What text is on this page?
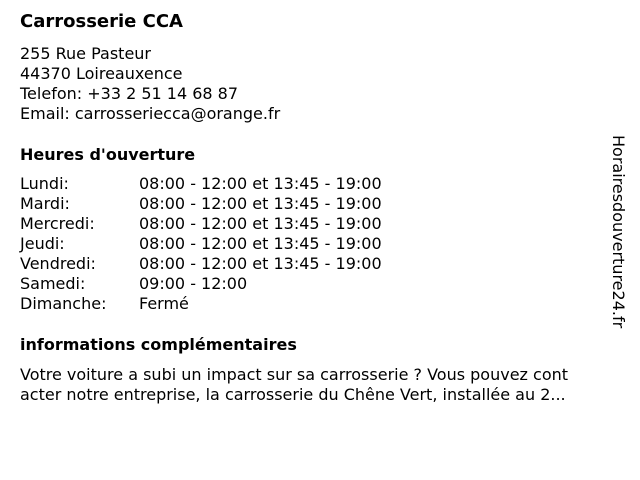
Carrosserie CCA
255 Rue Pasteur
44370 Loireauxence
Telefon: +33 2 51 14 68 87
Email: carrosseriecca@orange.fr
Heures d'ouverture
Lundi:	08:00 - 12:00 et 13:45 - 19:00
Mardi:	08:00 - 12:00 et 13:45 - 19:00
Mercredi:	08:00 - 12:00 et 13:45 - 19:00
Jeudi:	08:00 - 12:00 et 13:45 - 19:00
Vendredi:	08:00 - 12:00 et 13:45 - 19:00
Samedi:	09:00 - 12:00
Dimanche: Fermé
informations complémentaires
Votre voiture a subi un impact sur sa carrosserie ? Vous pouvez cont
acter notre entreprise, la carrosserie du Chêne Vert, installée au 2...
Horairesdouverture24.fr
